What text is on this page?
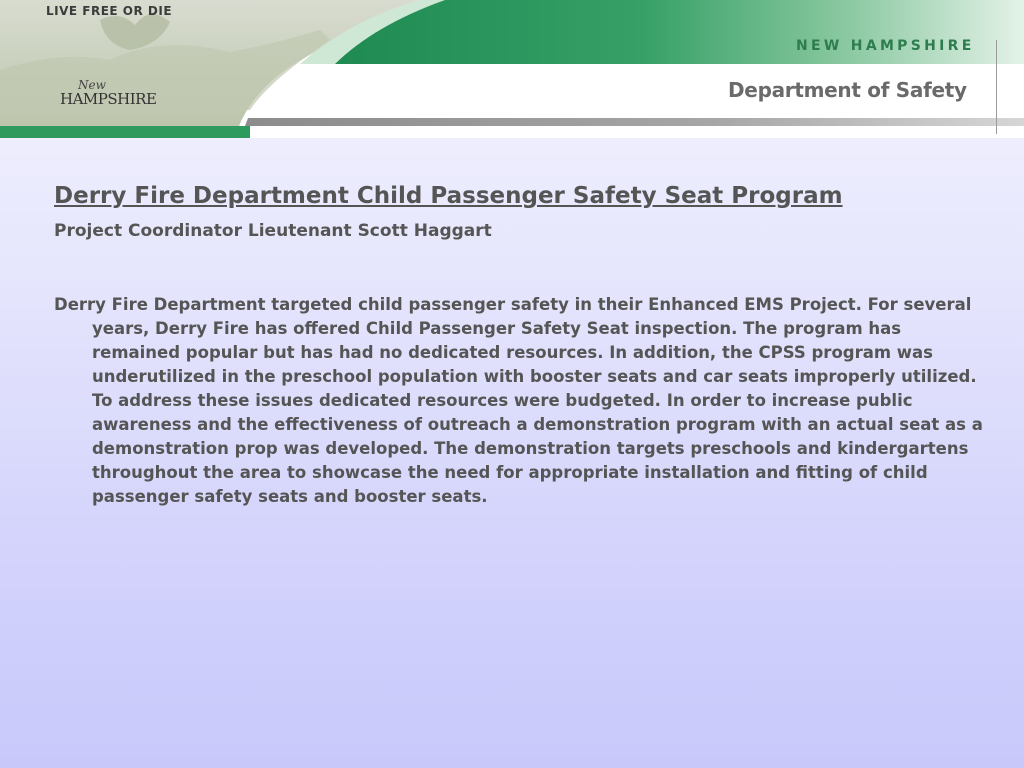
LIVE FREE OR DIE
New
HAMPSHIRE
NEW HAMPSHIRE
Department of Safety
Derry Fire Department Child Passenger Safety Seat Program

Project Coordinator Lieutenant Scott Haggart

Derry Fire Department targeted child passenger safety in their Enhanced EMS Project. For several years, Derry Fire has offered Child Passenger Safety Seat inspection. The program has remained popular but has had no dedicated resources. In addition, the CPSS program was underutilized in the preschool population with booster seats and car seats improperly utilized. To address these issues dedicated resources were budgeted. In order to increase public awareness and the effectiveness of outreach a demonstration program with an actual seat as a demonstration prop was developed. The demonstration targets preschools and kindergartens throughout the area to showcase the need for appropriate installation and fitting of child passenger safety seats and booster seats.
